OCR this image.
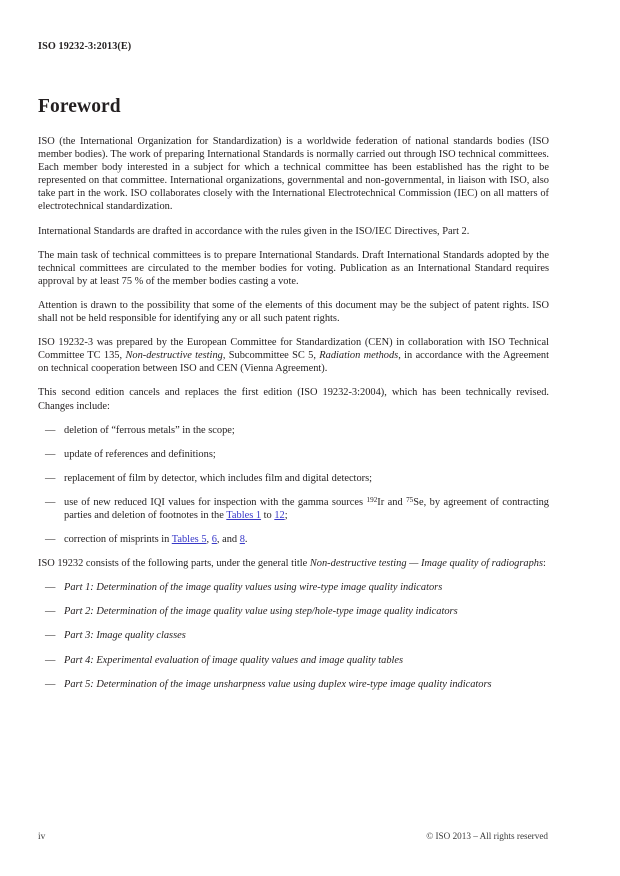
ISO 19232-3:2013(E)
Foreword

ISO (the International Organization for Standardization) is a worldwide federation of national standards bodies (ISO member bodies). The work of preparing International Standards is normally carried out through ISO technical committees. Each member body interested in a subject for which a technical committee has been established has the right to be represented on that committee. International organizations, governmental and non-governmental, in liaison with ISO, also take part in the work. ISO collaborates closely with the International Electrotechnical Commission (IEC) on all matters of electrotechnical standardization.

International Standards are drafted in accordance with the rules given in the ISO/IEC Directives, Part 2.

The main task of technical committees is to prepare International Standards. Draft International Standards adopted by the technical committees are circulated to the member bodies for voting. Publication as an International Standard requires approval by at least 75 % of the member bodies casting a vote.

Attention is drawn to the possibility that some of the elements of this document may be the subject of patent rights. ISO shall not be held responsible for identifying any or all such patent rights.

ISO 19232-3 was prepared by the European Committee for Standardization (CEN) in collaboration with ISO Technical Committee TC 135, Non-destructive testing, Subcommittee SC 5, Radiation methods, in accordance with the Agreement on technical cooperation between ISO and CEN (Vienna Agreement).

This second edition cancels and replaces the first edition (ISO 19232-3:2004), which has been technically revised. Changes include:

— deletion of “ferrous metals” in the scope;
— update of references and definitions;
— replacement of film by detector, which includes film and digital detectors;
— use of new reduced IQI values for inspection with the gamma sources $^{192}$Ir and $^{75}$Se, by agreement of contracting parties and deletion of footnotes in the Tables 1 to 12;
— correction of misprints in Tables 5, 6, and 8.

ISO 19232 consists of the following parts, under the general title Non-destructive testing — Image quality of radiographs:

— Part 1: Determination of the image quality values using wire-type image quality indicators
— Part 2: Determination of the image quality value using step/hole-type image quality indicators
— Part 3: Image quality classes
— Part 4: Experimental evaluation of image quality values and image quality tables
— Part 5: Determination of the image unsharpness value using duplex wire-type image quality indicators
iv	© ISO 2013 – All rights reserved
